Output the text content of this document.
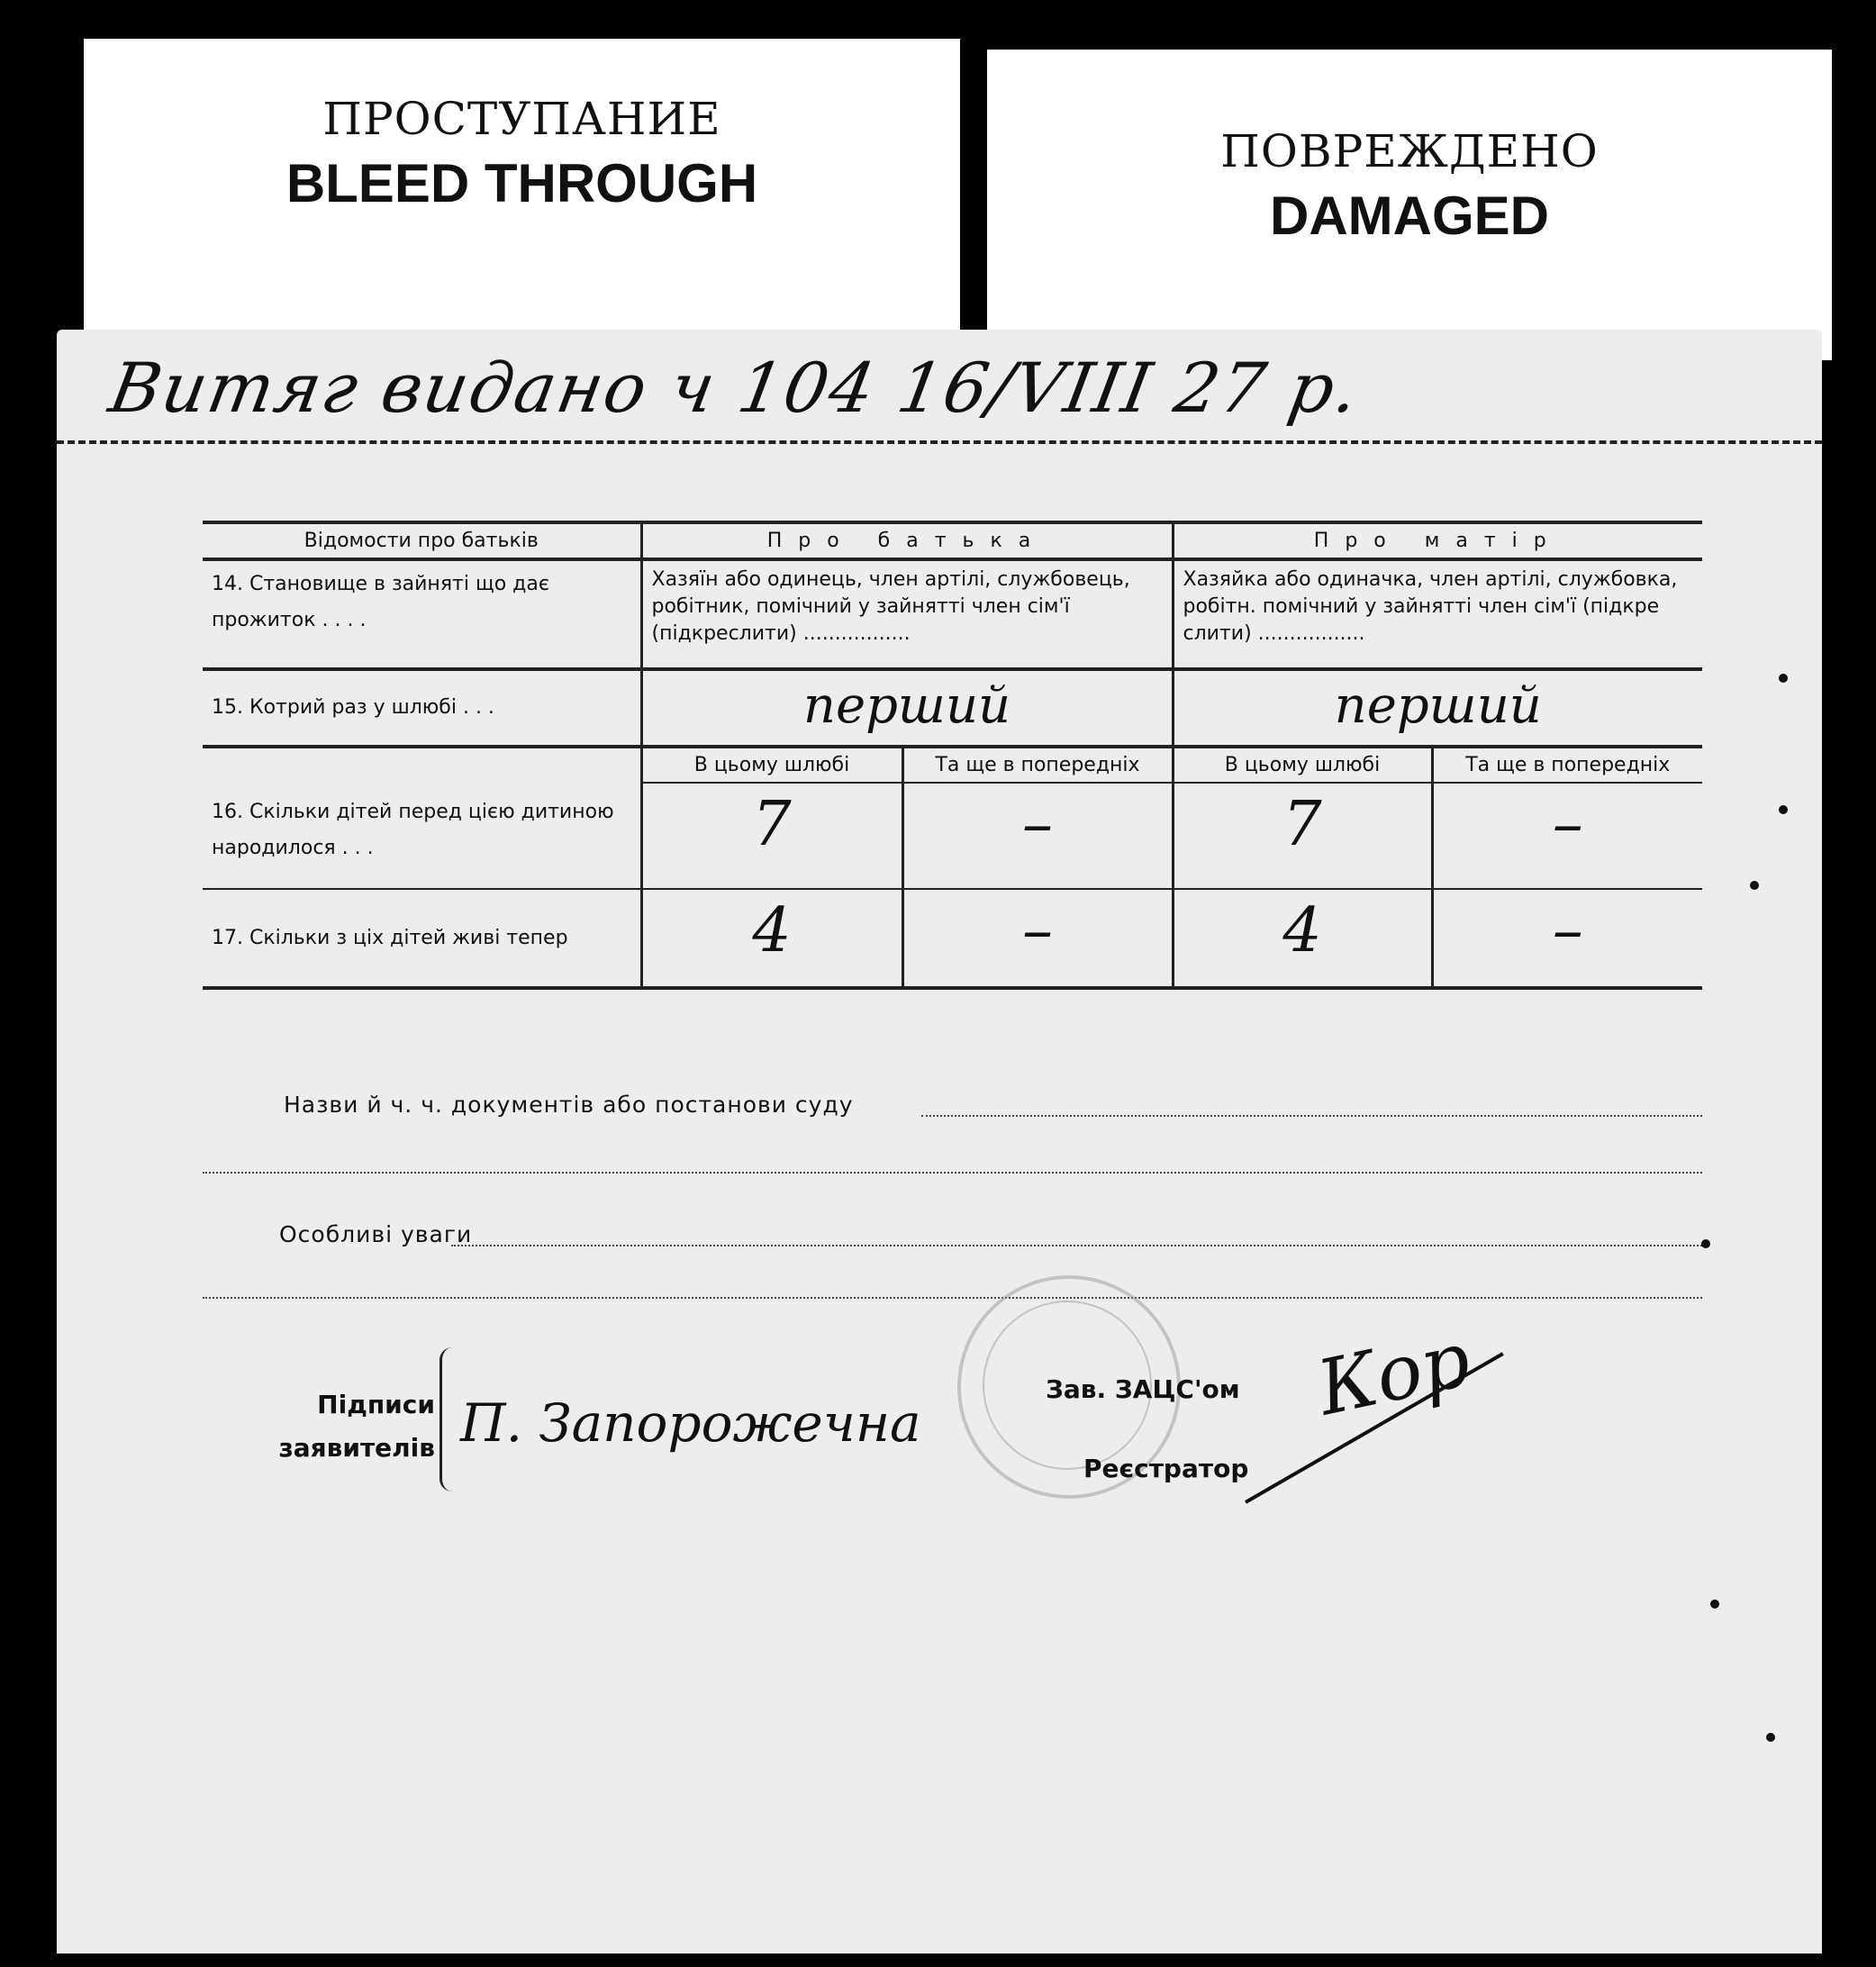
ПРОСТУПАНИЕ
BLEED THROUGH
ПОВРЕЖДЕНО
DAMAGED
Витяг видано ч 104 16/VIII 27 р.
Відомости про батьків	Про батька		Про матір	
14. Становище в зайняті що дає прожиток . . . .	Хазяїн або одинець, член артілі, службовець, робітник, помічний у зайнятті член сім'ї (підкреслити) .................		Хазяйка або одиначка, член артілі, службовка, робітн. помічний у зайнятті член сім'ї (підкре слити) .................	
15. Котрий раз у шлюбі . . .	перший		перший	
16. Скільки дітей перед цією дитиною народилося . . .	В цьому шлюбі	Та ще в попередніх	В цьому шлюбі	Та ще в попередніх
	7	–	7	–
17. Скільки з ціх дітей живі тепер	4	–	4	–
Назви й ч. ч. документів або постанови суду
Особливі уваги
Підписи
заявителів П. Запорожечна
Зав. ЗАЦС'ом
Реєстратор
Кор
